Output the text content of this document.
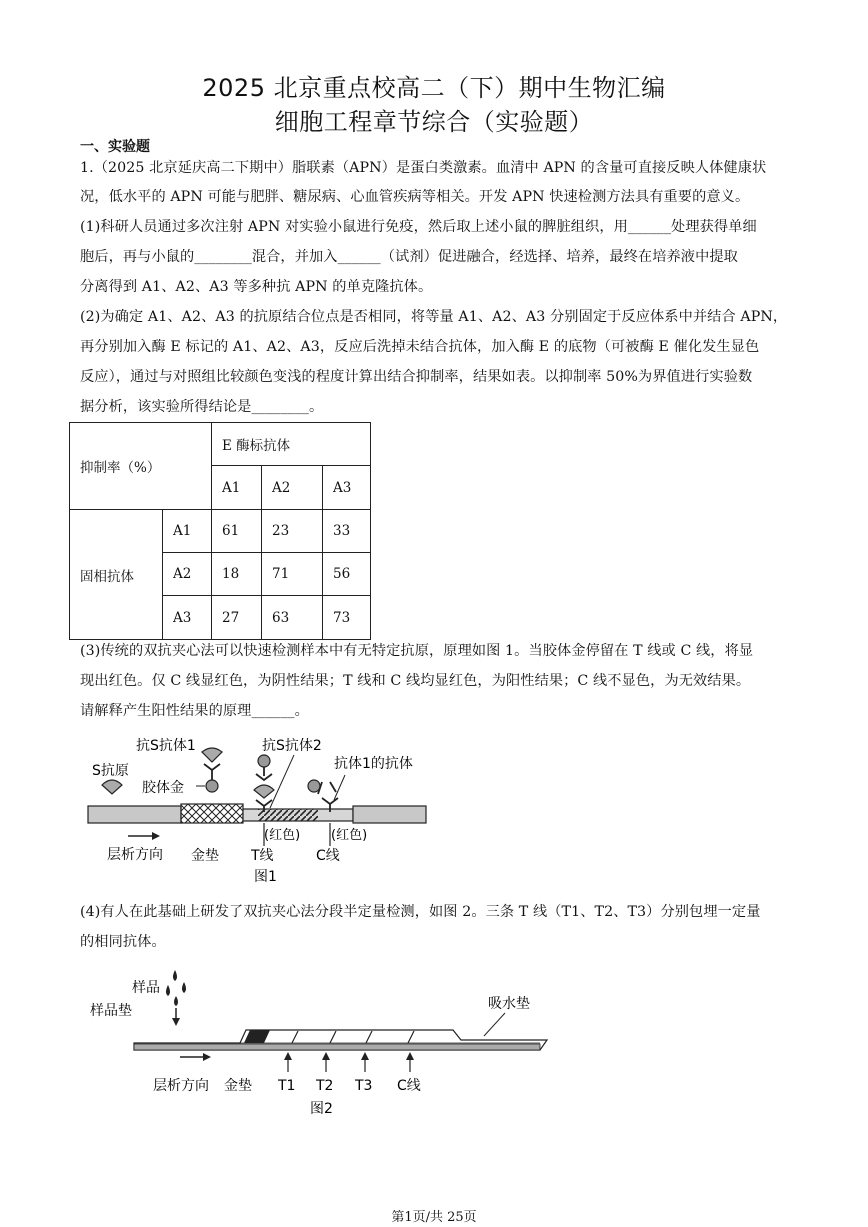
2025 北京重点校高二（下）期中生物汇编
细胞工程章节综合（实验题）
一、实验题
1.（2025 北京延庆高二下期中）脂联素（APN）是蛋白类激素。血清中 APN 的含量可直接反映人体健康状
况，低水平的 APN 可能与肥胖、糖尿病、心血管疾病等相关。开发 APN 快速检测方法具有重要的意义。
(1)科研人员通过多次注射 APN 对实验小鼠进行免疫，然后取上述小鼠的脾脏组织，用______处理获得单细
胞后，再与小鼠的________混合，并加入______（试剂）促进融合，经选择、培养，最终在培养液中提取
分离得到 A1、A2、A3 等多种抗 APN 的单克隆抗体。
(2)为确定 A1、A2、A3 的抗原结合位点是否相同，将等量 A1、A2、A3 分别固定于反应体系中并结合 APN，
再分别加入酶 E 标记的 A1、A2、A3，反应后洗掉未结合抗体，加入酶 E 的底物（可被酶 E 催化发生显色
反应），通过与对照组比较颜色变浅的程度计算出结合抑制率，结果如表。以抑制率 50%为界值进行实验数
据分析，该实验所得结论是________。
抑制率（%）		E 酶标抗体		
		A1	A2	A3
固相抗体	A1	61	23	33
	A2	18	71	56
	A3	27	63	73
(3)传统的双抗夹心法可以快速检测样本中有无特定抗原，原理如图 1。当胶体金停留在 T 线或 C 线，将显
现出红色。仅 C 线显红色，为阴性结果；T 线和 C 线均显红色，为阳性结果；C 线不显色，为无效结果。
请解释产生阳性结果的原理______。
S抗原
抗S抗体1
胶体金
抗S抗体2
抗体1的抗体
层析方向 金垫
(红色) (红色)
T线	C线
图1
(4)有人在此基础上研发了双抗夹心法分段半定量检测，如图 2。三条 T 线（T1、T2、T3）分别包埋一定量
的相同抗体。
样品
样品垫	吸水垫
层析方向 金垫 T1 T2 T3 C线
图2
第1页/共 25页
